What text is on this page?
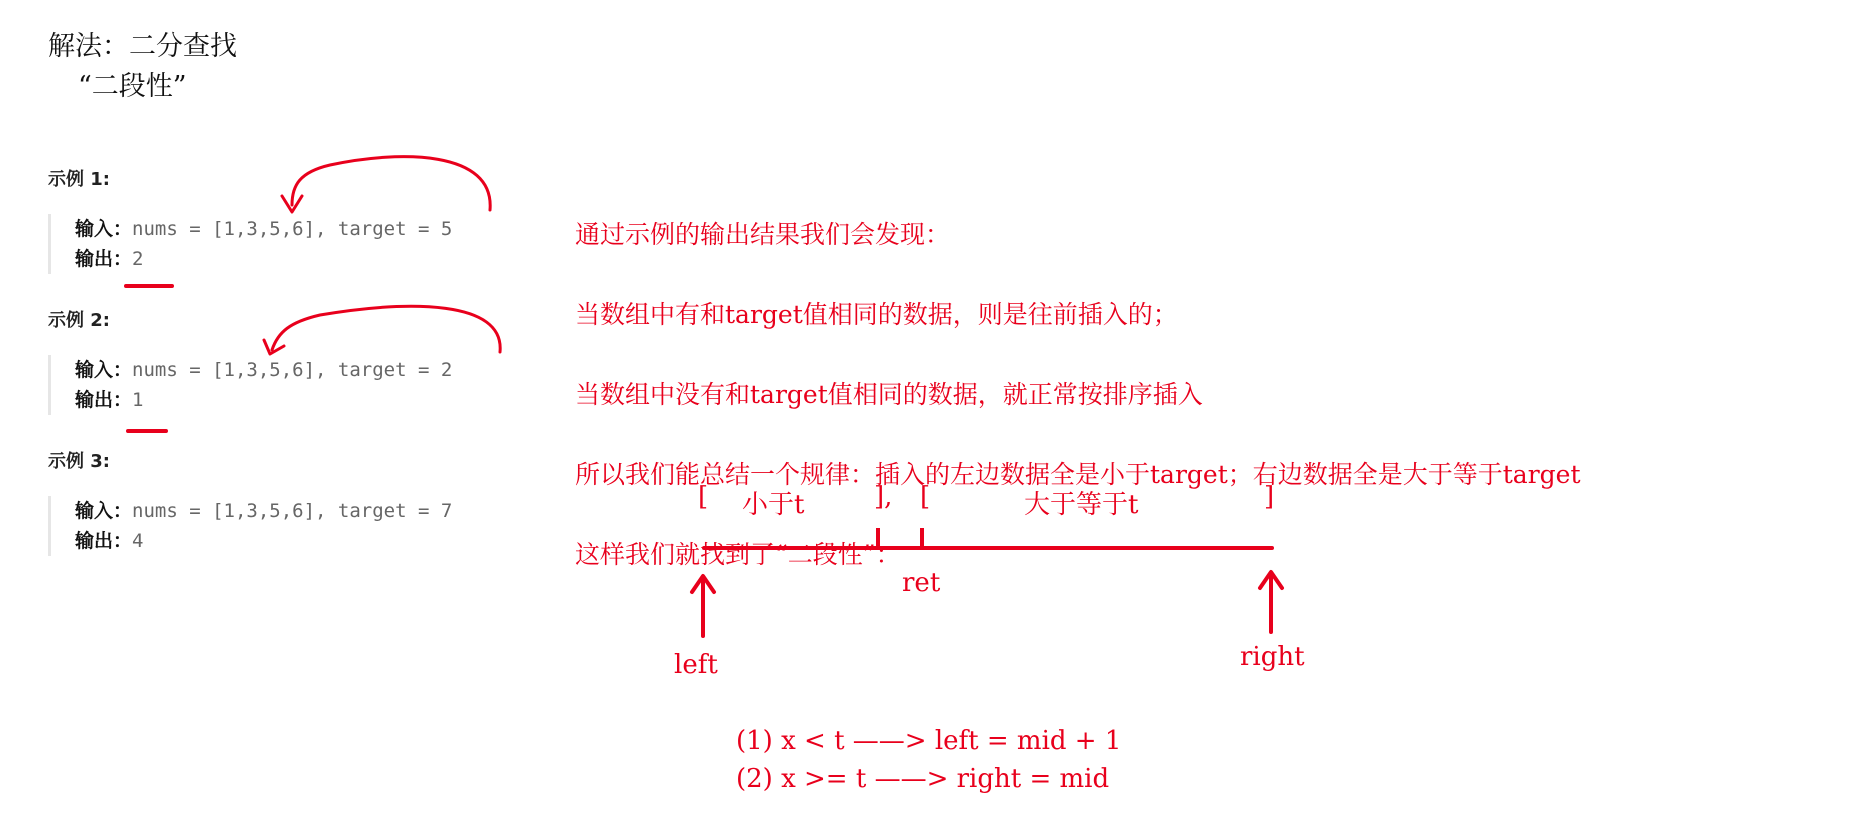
解法：二分查找
“二段性”
示例 1:
输入：nums = [1,3,5,6], target = 5
输出：2
示例 2:
输入：nums = [1,3,5,6], target = 2
输出：1
示例 3:
输入：nums = [1,3,5,6], target = 7
输出：4

通过示例的输出结果我们会发现：

当数组中有和target值相同的数据，则是往前插入的；

当数组中没有和target值相同的数据，就正常按排序插入

所以我们能总结一个规律：插入的左边数据全是小于target；右边数据全是大于等于target

这样我们就找到了“二段性”：

[ 小于t	], [	大于等于t	]
ret
left	right
(1) x < t ——> left = mid + 1
(2) x >= t ——> right = mid
